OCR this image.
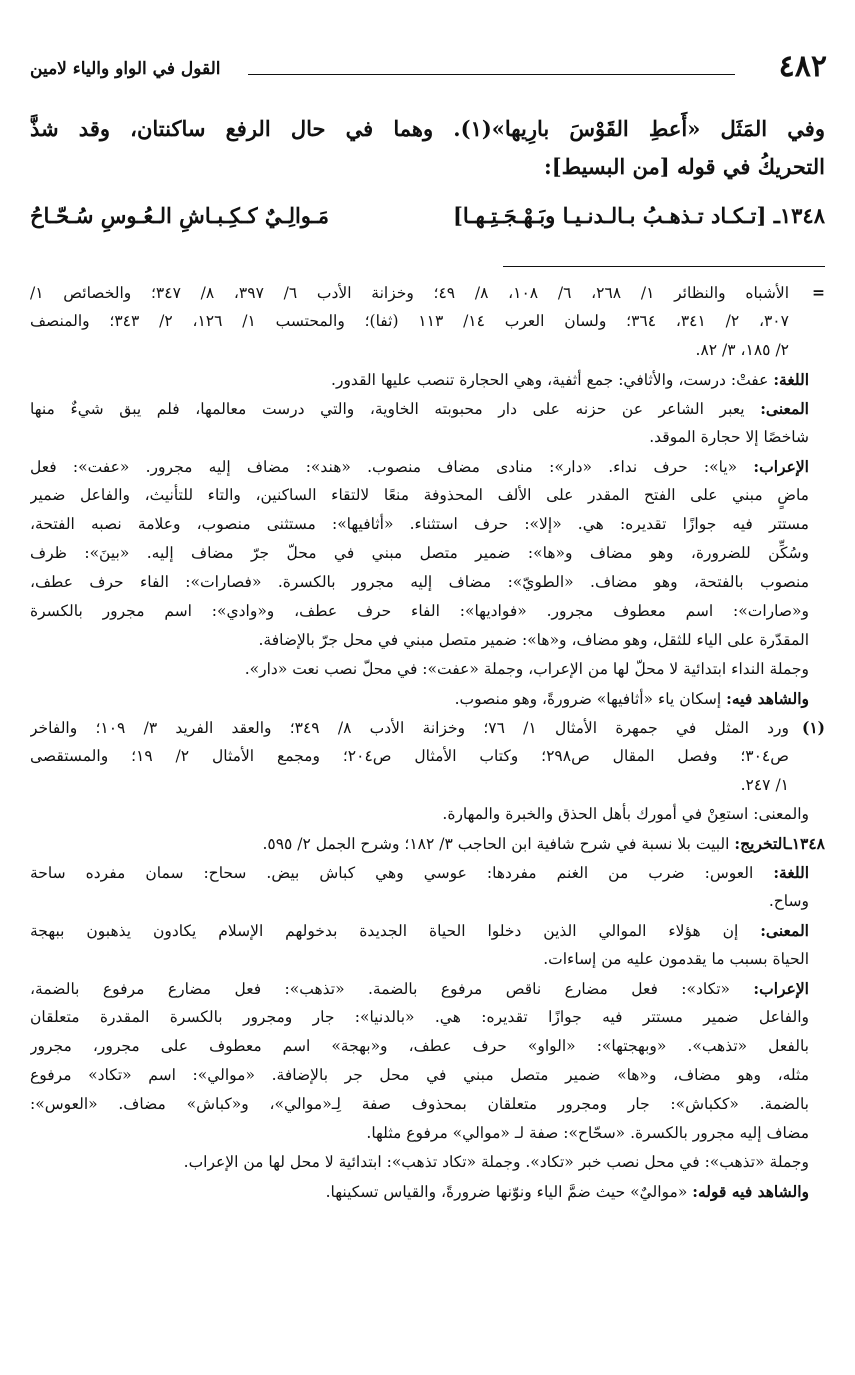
٤٨٢
القول في الواو والياء لامين
وفي المَثَل «أَعطِ القَوْسَ بارِيها»(١). وهما في حال الرفع ساكنتان، وقد شذَّ
التحريكُ في قوله [من البسيط]:
١٣٤٨ـ [تـكـاد تـذهـبُ بـالـدنـيـا وبَـهْـجَـتِـهـا]
مَـوالِـيٌ كـكِـبـاشِ الـعُـوسِ سُـحّـاحُ
=الأشباه والنظائر ١/ ٢٦٨، ٦/ ١٠٨، ٨/ ٤٩؛ وخزانة الأدب ٦/ ٣٩٧، ٨/ ٣٤٧؛ والخصائص ١/
٣٠٧، ٢/ ٣٤١، ٣٦٤؛ ولسان العرب ١٤/ ١١٣ (ثفا)؛ والمحتسب ١/ ١٢٦، ٢/ ٣٤٣؛ والمنصف
٢/ ١٨٥، ٣/ ٨٢.
اللغة: عفتْ: درست، والأثافي: جمع أثفية، وهي الحجارة تنصب عليها القدور.
المعنى: يعبر الشاعر عن حزنه على دار محبوبته الخاوية، والتي درست معالمها، فلم يبق شيءٌ منها
شاخصًا إلا حجارة الموقد.
الإعراب: «يا»: حرف نداء. «دار»: منادى مضاف منصوب. «هند»: مضاف إليه مجرور. «عفت»: فعل
ماضٍ مبني على الفتح المقدر على الألف المحذوفة منعًا لالتقاء الساكنين، والتاء للتأنيث، والفاعل ضمير
مستتر فيه جوازًا تقديره: هي. «إلا»: حرف استثناء. «أثافيها»: مستثنى منصوب، وعلامة نصبه الفتحة،
وسُكِّن للضرورة، وهو مضاف و«ها»: ضمير متصل مبني في محلّ جرّ مضاف إليه. «بينَ»: ظرف
منصوب بالفتحة، وهو مضاف. «الطويّ»: مضاف إليه مجرور بالكسرة. «فصارات»: الفاء حرف عطف،
و«صارات»: اسم معطوف مجرور. «فواديها»: الفاء حرف عطف، و«وادي»: اسم مجرور بالكسرة
المقدّرة على الياء للثقل، وهو مضاف، و«ها»: ضمير متصل مبني في محل جرّ بالإضافة.
وجملة النداء ابتدائية لا محلّ لها من الإعراب، وجملة «عفت»: في محلّ نصب نعت «دار».
والشاهد فيه: إسكان ياء «أثافيها» ضرورةً، وهو منصوب.
(١)ورد المثل في جمهرة الأمثال ١/ ٧٦؛ وخزانة الأدب ٨/ ٣٤٩؛ والعقد الفريد ٣/ ١٠٩؛ والفاخر
ص٣٠٤؛ وفصل المقال ص٢٩٨؛ وكتاب الأمثال ص٢٠٤؛ ومجمع الأمثال ٢/ ١٩؛ والمستقصى
١/ ٢٤٧.
والمعنى: استعِنْ في أمورك بأهل الحذق والخبرة والمهارة.
١٣٤٨ـالتخريج: البيت بلا نسبة في شرح شافية ابن الحاجب ٣/ ١٨٢؛ وشرح الجمل ٢/ ٥٩٥.
اللغة: العوس: ضرب من الغنم مفردها: عوسي وهي كباش بيض. سحاح: سمان مفرده ساحة
وساح.
المعنى: إن هؤلاء الموالي الذين دخلوا الحياة الجديدة بدخولهم الإسلام يكادون يذهبون ببهجة
الحياة بسبب ما يقدمون عليه من إساءات.
الإعراب: «تكاد»: فعل مضارع ناقص مرفوع بالضمة. «تذهب»: فعل مضارع مرفوع بالضمة،
والفاعل ضمير مستتر فيه جوازًا تقديره: هي. «بالدنيا»: جار ومجرور بالكسرة المقدرة متعلقان
بالفعل «تذهب». «وبهجتها»: «الواو» حرف عطف، و«بهجة» اسم معطوف على مجرور، مجرور
مثله، وهو مضاف، و«ها» ضمير متصل مبني في محل جر بالإضافة. «موالي»: اسم «تكاد» مرفوع
بالضمة. «ككباش»: جار ومجرور متعلقان بمحذوف صفة لِـ«موالي»، و«كباش» مضاف. «العوس»:
مضاف إليه مجرور بالكسرة. «سحّاح»: صفة لـ «موالي» مرفوع مثلها.
وجملة «تذهب»: في محل نصب خبر «تكاد». وجملة «تكاد تذهب»: ابتدائية لا محل لها من الإعراب.
والشاهد فيه قوله: «مواليٌ» حيث ضمَّ الياء ونوّنها ضرورةً، والقياس تسكينها.
